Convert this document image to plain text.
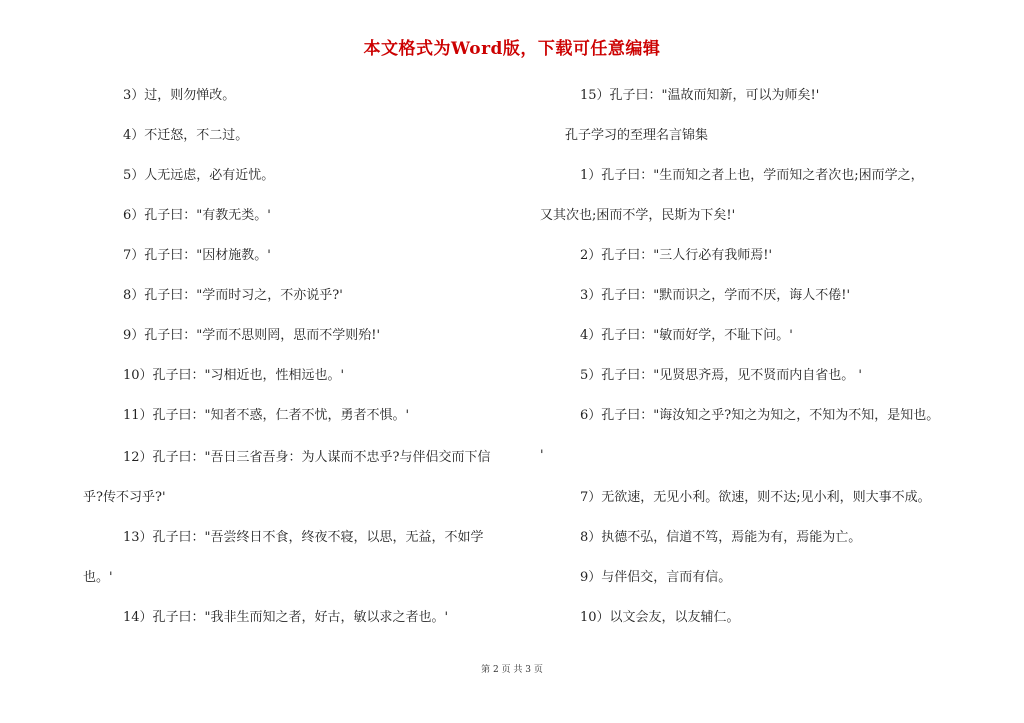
本文格式为Word版，下载可任意编辑
3）过，则勿惮改。
4）不迁怒，不二过。
5）人无远虑，必有近忧。
6）孔子曰："有教无类。'
7）孔子曰："因材施教。'
8）孔子曰："学而时习之，不亦说乎?'
9）孔子曰："学而不思则罔，思而不学则殆!'
10）孔子曰："习相近也，性相远也。'
11）孔子曰："知者不惑，仁者不忧，勇者不惧。'
12）孔子曰："吾日三省吾身：为人谋而不忠乎?与伴侣交而下信
乎?传不习乎?'
13）孔子曰："吾尝终日不食，终夜不寝，以思，无益，不如学
也。'
14）孔子曰："我非生而知之者，好古，敏以求之者也。'
15）孔子曰："温故而知新，可以为师矣!'
孔子学习的至理名言锦集
1）孔子曰："生而知之者上也，学而知之者次也;困而学之，
又其次也;困而不学，民斯为下矣!'
2）孔子曰："三人行必有我师焉!'
3）孔子曰："默而识之，学而不厌，诲人不倦!'
4）孔子曰："敏而好学，不耻下问。'
5）孔子曰："见贤思齐焉，见不贤而内自省也。 '
6）孔子曰："诲汝知之乎?知之为知之，不知为不知，是知也。
'
7）无欲速，无见小利。欲速，则不达;见小利，则大事不成。
8）执德不弘，信道不笃，焉能为有，焉能为亡。
9）与伴侣交，言而有信。
10）以文会友，以友辅仁。
第 2 页 共 3 页
